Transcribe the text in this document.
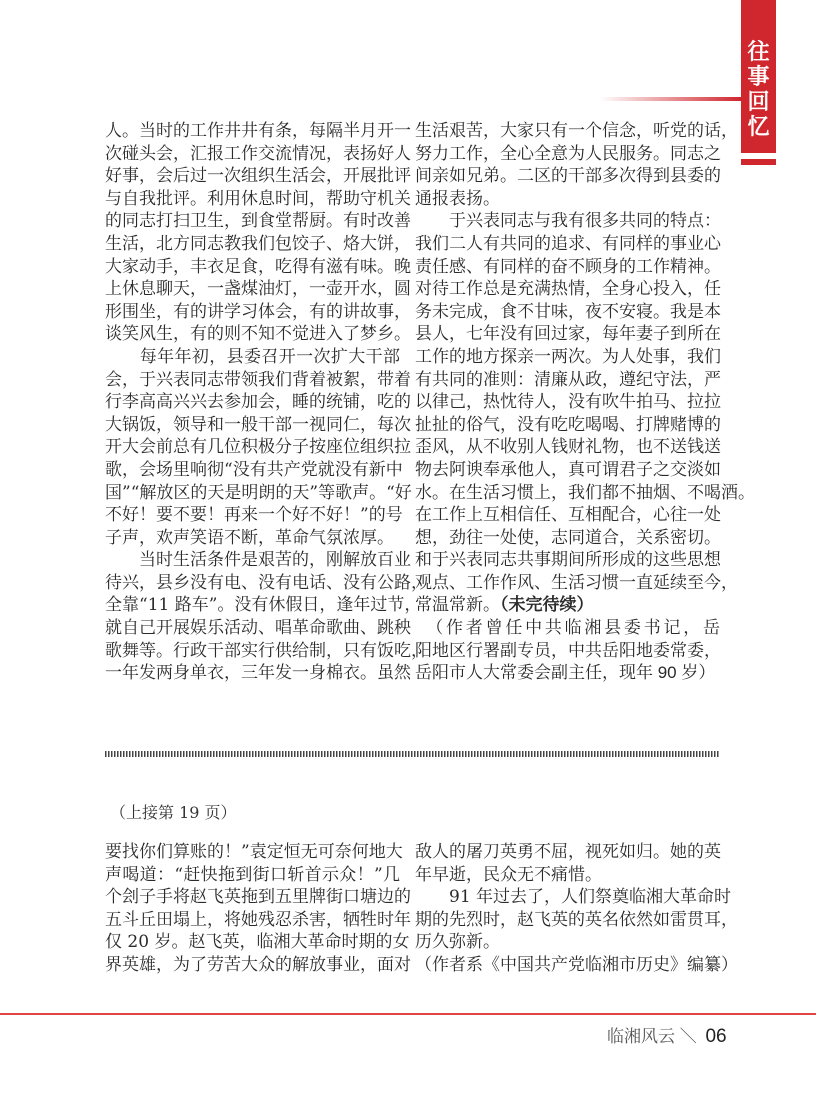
往
事
回
忆
人。当时的工作井井有条，每隔半月开一
次碰头会，汇报工作交流情况，表扬好人
好事，会后过一次组织生活会，开展批评
与自我批评。利用休息时间，帮助守机关
的同志打扫卫生，到食堂帮厨。有时改善
生活，北方同志教我们包饺子、烙大饼，
大家动手，丰衣足食，吃得有滋有味。晚
上休息聊天，一盏煤油灯，一壶开水，圆
形围坐，有的讲学习体会，有的讲故事，
谈笑风生，有的则不知不觉进入了梦乡。
　　每年年初，县委召开一次扩大干部
会，于兴表同志带领我们背着被絮，带着
行李高高兴兴去参加会，睡的统铺，吃的
大锅饭，领导和一般干部一视同仁，每次
开大会前总有几位积极分子按座位组织拉
歌，会场里响彻“没有共产党就没有新中
国”“解放区的天是明朗的天”等歌声。“好
不好！要不要！再来一个好不好！”的号
子声，欢声笑语不断，革命气氛浓厚。
　　当时生活条件是艰苦的，刚解放百业
待兴，县乡没有电、没有电话、没有公路，
全靠“11 路车”。没有休假日，逢年过节，
就自己开展娱乐活动、唱革命歌曲、跳秧
歌舞等。行政干部实行供给制，只有饭吃，
一年发两身单衣，三年发一身棉衣。虽然
生活艰苦，大家只有一个信念，听党的话，
努力工作，全心全意为人民服务。同志之
间亲如兄弟。二区的干部多次得到县委的
通报表扬。
　　于兴表同志与我有很多共同的特点：
我们二人有共同的追求、有同样的事业心
责任感、有同样的奋不顾身的工作精神。
对待工作总是充满热情，全身心投入，任
务未完成，食不甘味，夜不安寝。我是本
县人，七年没有回过家，每年妻子到所在
工作的地方探亲一两次。为人处事，我们
有共同的准则：清廉从政，遵纪守法，严
以律己，热忱待人，没有吹牛拍马、拉拉
扯扯的俗气，没有吃吃喝喝、打牌赌博的
歪风，从不收别人钱财礼物，也不送钱送
物去阿谀奉承他人，真可谓君子之交淡如
水。在生活习惯上，我们都不抽烟、不喝酒。
在工作上互相信任、互相配合，心往一处
想，劲往一处使，志同道合，关系密切。
和于兴表同志共事期间所形成的这些思想
观点、工作作风、生活习惯一直延续至今，
常温常新。（未完待续）
　（作者曾任中共临湘县委书记，岳
阳地区行署副专员，中共岳阳地委常委，
岳阳市人大常委会副主任，现年 90 岁）
（上接第 19 页）
要找你们算账的！”袁定恒无可奈何地大
声喝道：“赶快拖到街口斩首示众！”几
个刽子手将赵飞英拖到五里牌街口塘边的
五斗丘田塌上，将她残忍杀害，牺牲时年
仅 20 岁。赵飞英，临湘大革命时期的女
界英雄，为了劳苦大众的解放事业，面对
敌人的屠刀英勇不屈，视死如归。她的英
年早逝，民众无不痛惜。
　　91 年过去了，人们祭奠临湘大革命时
期的先烈时，赵飞英的英名依然如雷贯耳，
历久弥新。
（作者系《中国共产党临湘市历史》编纂）
临湘风云 ＼ 06
